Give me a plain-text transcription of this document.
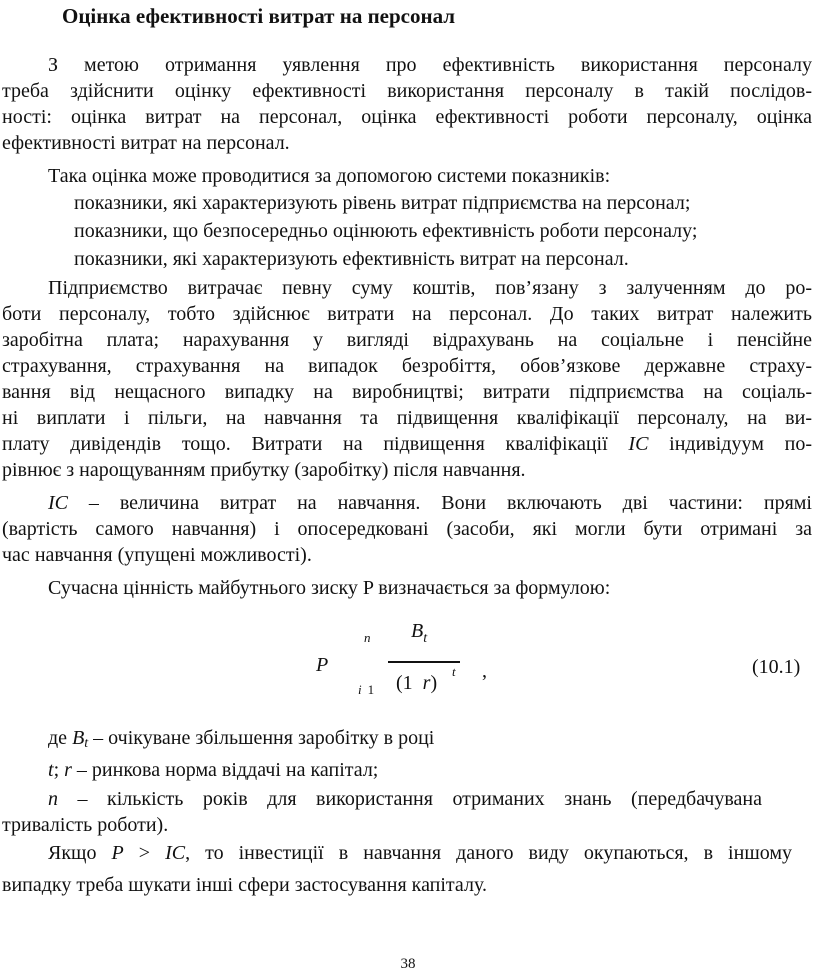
Оцінка ефективності витрат на персонал
З метою отримання уявлення про ефективність використання персоналу
треба здійснити оцінку ефективності використання персоналу в такій послідов-
ності: оцінка витрат на персонал, оцінка ефективності роботи персоналу, оцінка
ефективності витрат на персонал.
Така оцінка може проводитися за допомогою системи показників:
показники, які характеризують рівень витрат підприємства на персонал;
показники, що безпосередньо оцінюють ефективність роботи персоналу;
показники, які характеризують ефективність витрат на персонал.
Підприємство витрачає певну суму коштів, пов’язану з залученням до ро-
боти персоналу, тобто здійснює витрати на персонал. До таких витрат належить
заробітна плата; нарахування у вигляді відрахувань на соціальне і пенсійне
страхування, страхування на випадок безробіття, обов’язкове державне страху-
вання від нещасного випадку на виробництві; витрати підприємства на соціаль-
ні виплати і пільги, на навчання та підвищення кваліфікації персоналу, на ви-
плату дивідендів тощо. Витрати на підвищення кваліфікації IC індивідуум по-
рівнює з нарощуванням прибутку (заробітку) після навчання.
IC – величина витрат на навчання. Вони включають дві частини: прямі
(вартість самого навчання) і опосередковані (засоби, які могли бути отримані за
час навчання (упущені можливості).
Сучасна цінність майбутнього зиску P визначається за формулою:
P
n
i 1
$B_t$
(1  r)
t ,	(10.1)
де Bt – очікуване збільшення заробітку в році
t; r – ринкова норма віддачі на капітал;
n – кількість років для використання отриманих знань (передбачувана
тривалість роботи).
Якщо P > IC, то інвестиції в навчання даного виду окупаються, в іншому
випадку треба шукати інші сфери застосування капіталу.
38
